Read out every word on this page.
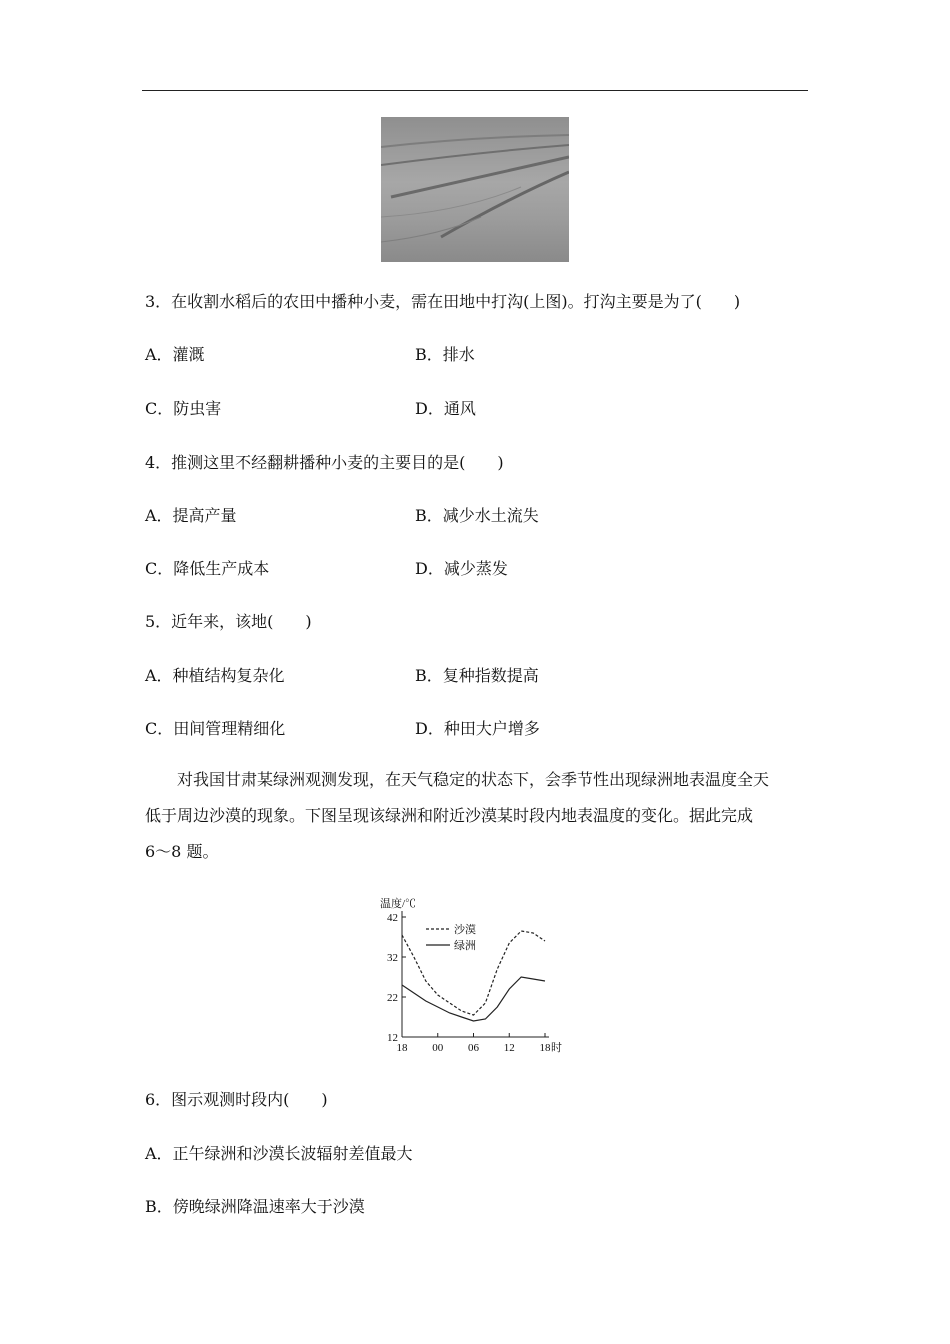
3．在收割水稻后的农田中播种小麦，需在田地中打沟(上图)。打沟主要是为了(　　)
A．灌溉	B．排水
C．防虫害	D．通风
4．推测这里不经翻耕播种小麦的主要目的是(　　)
A．提高产量	B．减少水土流失
C．降低生产成本	D．减少蒸发
5．近年来，该地(　　)
A．种植结构复杂化	B．复种指数提高
C．田间管理精细化	D．种田大户增多

对我国甘肃某绿洲观测发现，在天气稳定的状态下，会季节性出现绿洲地表温度全天

低于周边沙漠的现象。下图呈现该绿洲和附近沙漠某时段内地表温度的变化。据此完成

6～8 题。

温度/℃
42
32
22
12
18 00 06 12 18 时
沙漠
绿洲
6．图示观测时段内(　　)
A．正午绿洲和沙漠长波辐射差值最大
B．傍晚绿洲降温速率大于沙漠
